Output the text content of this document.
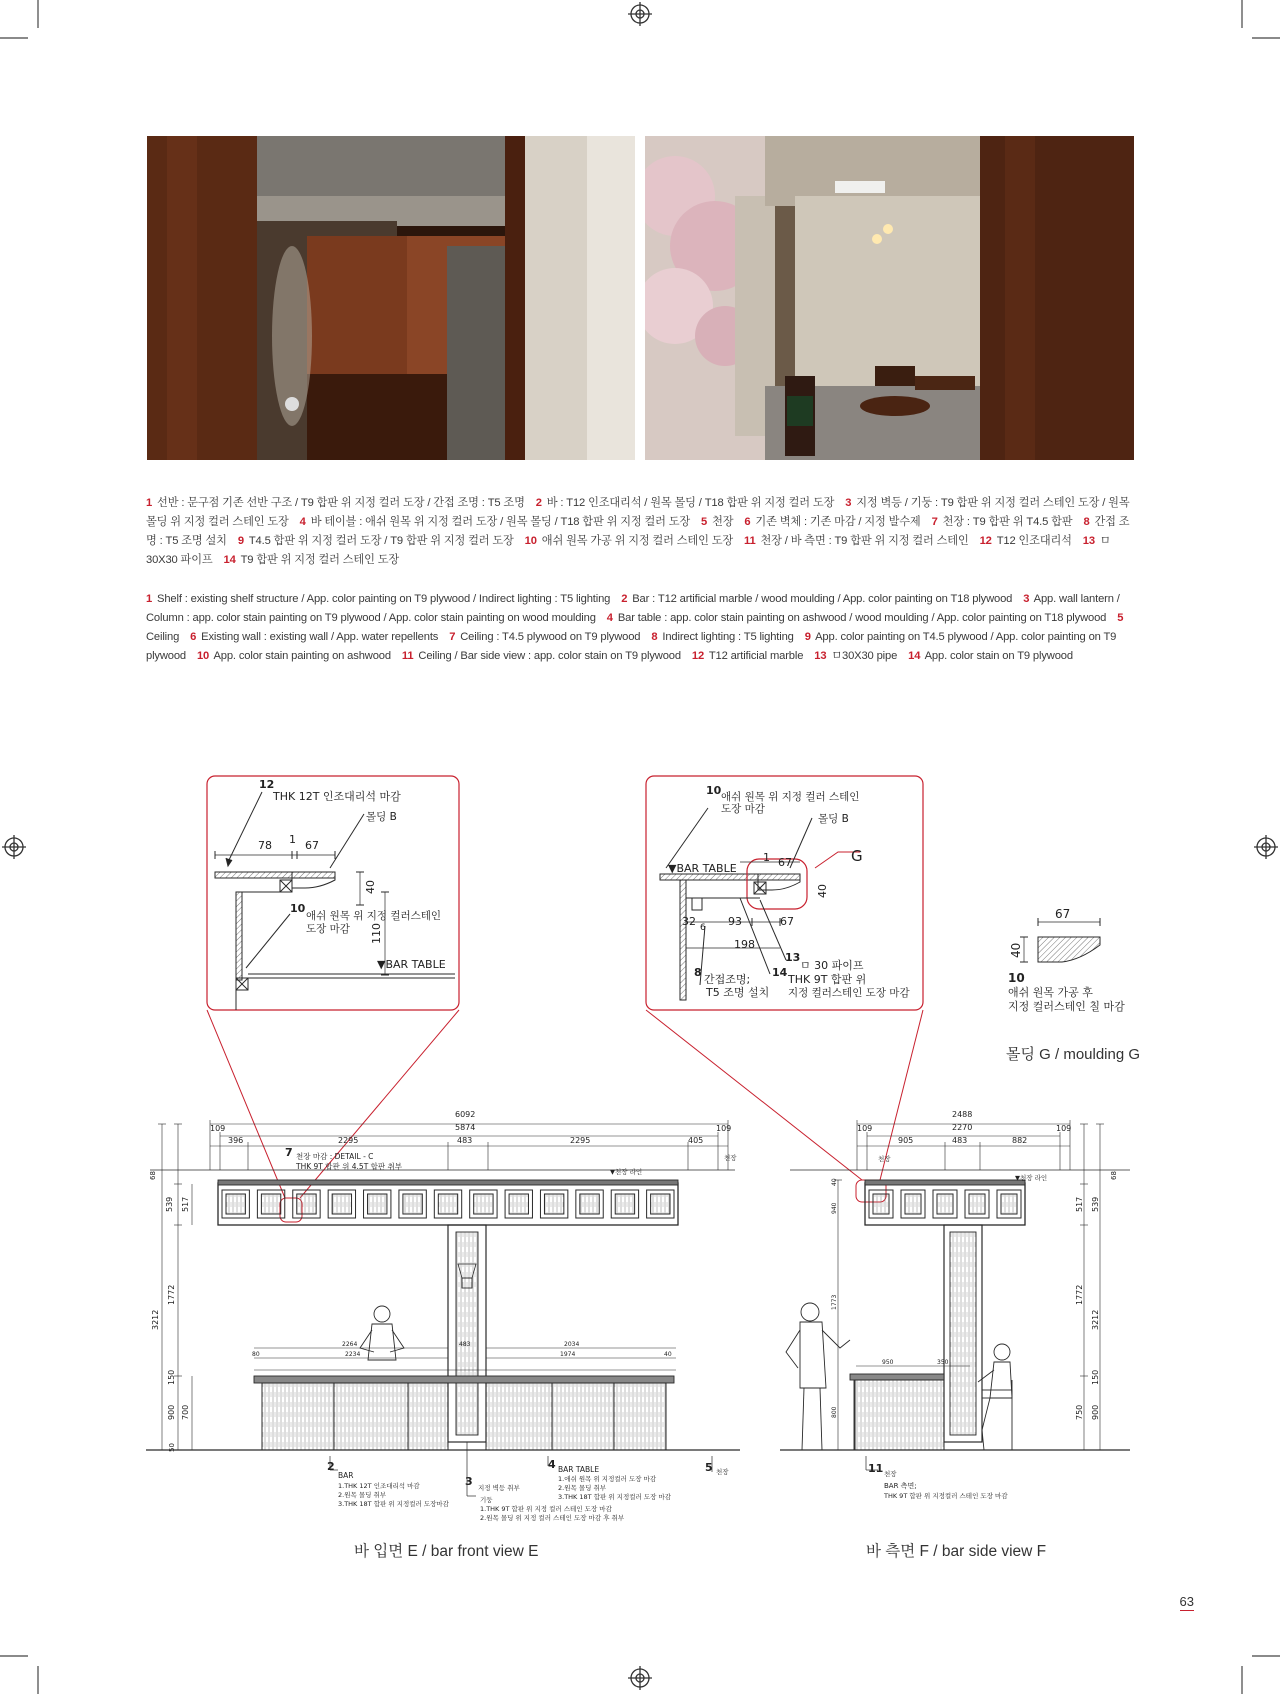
1 선반 : 문구점 기존 선반 구조 / T9 합판 위 지정 컬러 도장 / 간접 조명 : T5 조명 2 바 : T12 인조대리석 / 원목 몰딩 / T18 합판 위 지정 컬러 도장 3 지정 벽등 / 기둥 : T9 합판 위 지정 컬러 스테인 도장 / 원목 몰딩 위 지정 컬러 스테인 도장 4 바 테이블 : 애쉬 원목 위 지정 컬러 도장 / 원목 몰딩 / T18 합판 위 지정 컬러 도장 5 천장 6 기존 벽체 : 기존 마감 / 지정 발수제 7 천장 : T9 합판 위 T4.5 합판 8 간접 조명 : T5 조명 설치 9 T4.5 합판 위 지정 컬러 도장 / T9 합판 위 지정 컬러 도장 10 애쉬 원목 가공 위 지정 컬러 스테인 도장 11 천장 / 바 측면 : T9 합판 위 지정 컬러 스테인 12 T12 인조대리석 13 ㅁ30X30 파이프 14 T9 합판 위 지정 컬러 스테인 도장
1 Shelf : existing shelf structure / App. color painting on T9 plywood / Indirect lighting : T5 lighting 2 Bar : T12 artificial marble / wood moulding / App. color painting on T18 plywood 3 App. wall lantern / Column : app. color stain painting on T9 plywood / App. color stain painting on wood moulding 4 Bar table : app. color stain painting on ashwood / wood moulding / App. color painting on T18 plywood 5 Ceiling 6 Existing wall : existing wall / App. water repellents 7 Ceiling : T4.5 plywood on T9 plywood 8 Indirect lighting : T5 lighting 9 App. color painting on T4.5 plywood / App. color painting on T9 plywood 10 App. color stain painting on ashwood 11 Ceiling / Bar side view : app. color stain on T9 plywood 12 T12 artificial marble 13 ㅁ30X30 pipe 14 App. color stain on T9 plywood
12
THK 12T 인조대리석 마감
몰딩 B
78 1 67
40
110
10
애쉬 원목 위 지정 컬러스테인
도장 마감
▼BAR TABLE
10 애쉬 원목 위 지정 컬러 스테인
도장 마감
몰딩 B
G
▼BAR TABLE
1 67
40
32 6 93	67
198
13
ㅁ 30 파이프
14
THK 9T 합판 위
지정 컬러스테인 도장 마감
8
간접조명;
T5 조명 설치
67
40
10
애쉬 원목 가공 후
지정 컬러스테인 칠 마감
6092
5874
109	109
396	2295	483	2295	405
7 천장 마감 : DETAIL - C
THK 9T 합판 위 4.5T 합판 취부
▼천장 라인
천장
68
539 517
3212
1772
150
900 700
50
80
2264
2234
483	2034
1974	40
2
BAR
1.THK 12T 인조대리석 마감
2.원목 몰딩 취부
3.THK 18T 합판 위 지정컬러 도장마감
3 지정 벽등 취부
기둥
1.THK 9T 합판 위 지정 컬러 스테인 도장 마감
2.원목 몰딩 위 지정 컬러 스테인 도장 마감 후 취부
4 BAR TABLE
1.애쉬 원목 위 지정컬러 도장 마감
2.원목 몰딩 취부
3.THK 18T 합판 위 지정컬러 도장 마감
5 천장
2488
2270
109	109
905	483	882
천장
▼천장 라인
40
940
1773
800
517 539
68
1772
3212
150
900
750
950	350
11 천장
BAR 측면;
THK 9T 합판 위 지정컬러 스테인 도장 마감
몰딩 G / moulding G
바 입면 E / bar front view E	바 측면 F / bar side view F
63
